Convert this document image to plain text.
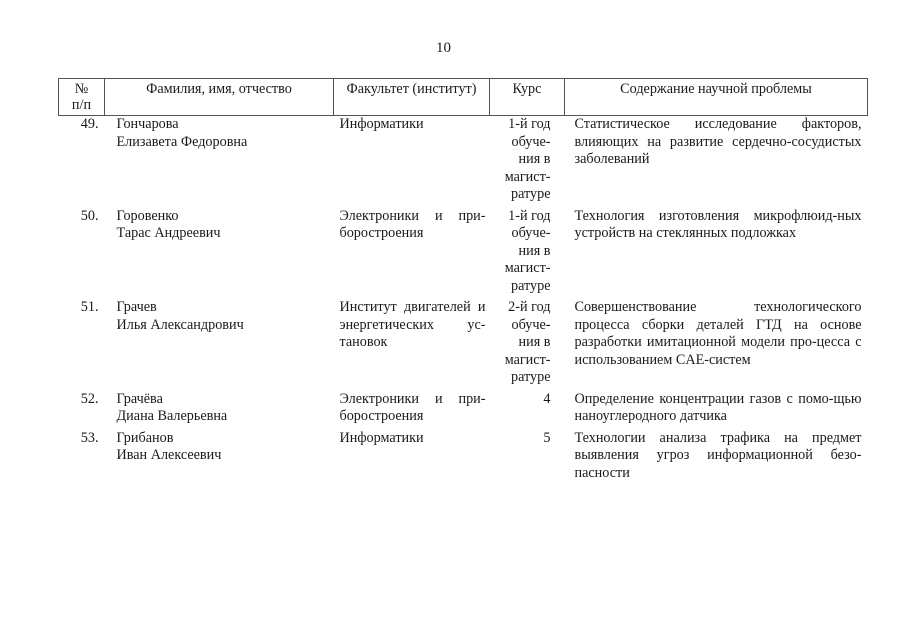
10
№
п/п	Фамилия, имя, отчество	Факультет (институт)	Курс	Содержание научной проблемы
49.	Гончарова
Елизавета Федоровна	Информатики	1-й год
обуче-
ния в
магист-
ратуре	Статистическое исследование факторов, влияющих на развитие сердечно-сосудистых заболеваний

50.	Горовенко
Тарас Андреевич	Электроники и при-боростроения	1-й год
обуче-
ния в
магист-
ратуре	Технология изготовления микрофлюид-ных устройств на стеклянных подложках

51.	Грачев
Илья Александрович	Институт двигателей и энергетических ус-тановок	2-й год
обуче-
ния в
магист-
ратуре	Совершенствование технологического процесса сборки деталей ГТД на основе разработки имитационной модели про-цесса с использованием CAE-систем

52.	Грачёва
Диана Валерьевна	Электроники и при-боростроения	4	Определение концентрации газов с помо-щью наноуглеродного датчика

53.	Грибанов
Иван Алексеевич	Информатики	5	Технологии анализа трафика на предмет выявления угроз информационной безо-пасности
